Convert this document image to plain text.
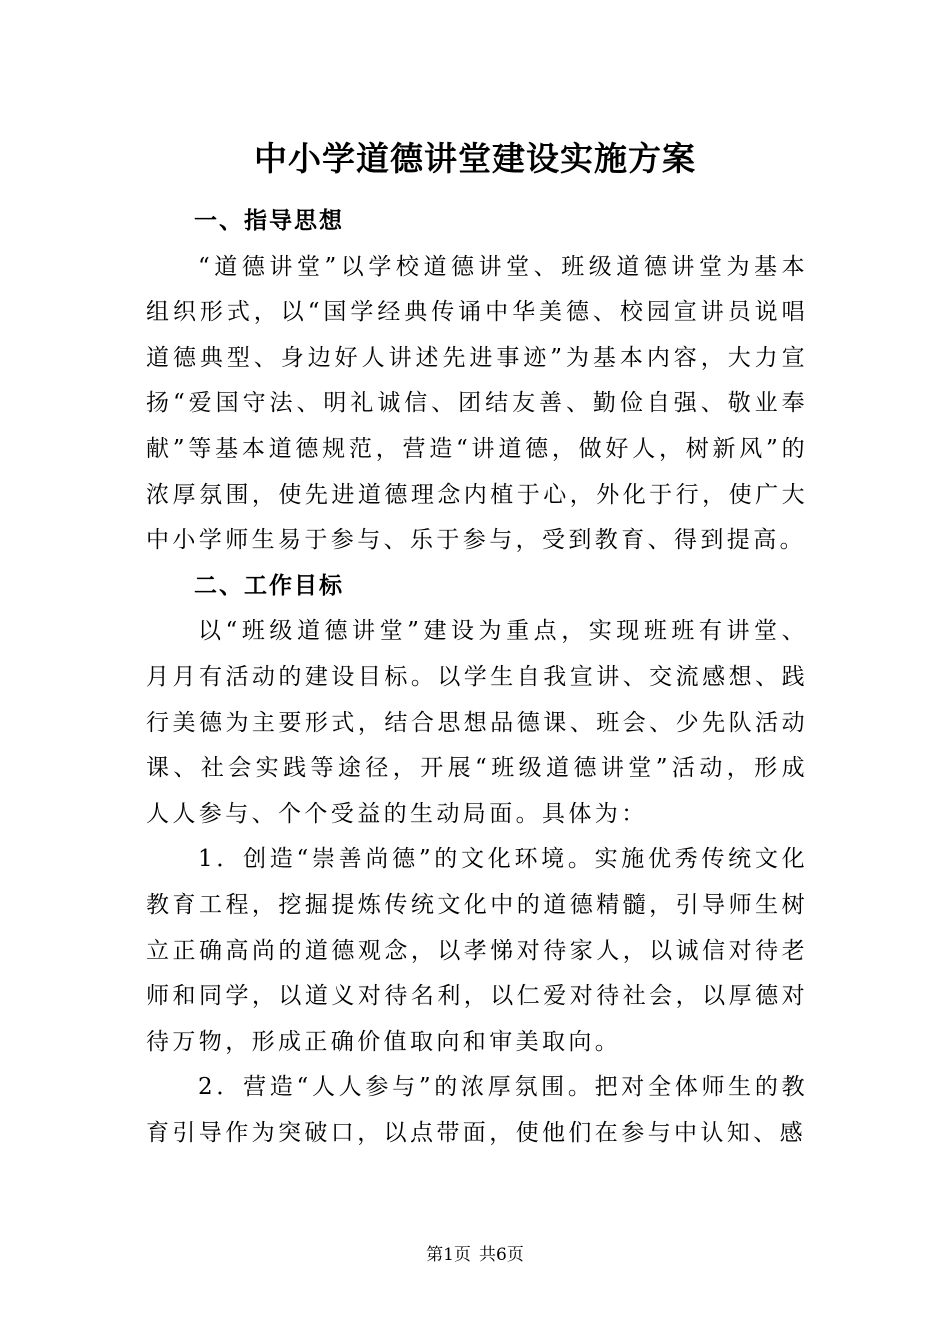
中小学道德讲堂建设实施方案

一、指导思想

“道德讲堂”以学校道德讲堂、班级道德讲堂为基本组织形式，以“国学经典传诵中华美德、校园宣讲员说唱道德典型、身边好人讲述先进事迹”为基本内容，大力宣扬“爱国守法、明礼诚信、团结友善、勤俭自强、敬业奉献”等基本道德规范，营造“讲道德，做好人，树新风”的浓厚氛围，使先进道德理念内植于心，外化于行，使广大中小学师生易于参与、乐于参与，受到教育、得到提高。

二、工作目标

以“班级道德讲堂”建设为重点，实现班班有讲堂、月月有活动的建设目标。以学生自我宣讲、交流感想、践行美德为主要形式，结合思想品德课、班会、少先队活动课、社会实践等途径，开展“班级道德讲堂”活动，形成人人参与、个个受益的生动局面。具体为：

1．创造“崇善尚德”的文化环境。实施优秀传统文化教育工程，挖掘提炼传统文化中的道德精髓，引导师生树立正确高尚的道德观念，以孝悌对待家人，以诚信对待老师和同学，以道义对待名利，以仁爱对待社会，以厚德对待万物，形成正确价值取向和审美取向。

2．营造“人人参与”的浓厚氛围。把对全体师生的教育引导作为突破口，以点带面，使他们在参与中认知、感

第1页 共6页
